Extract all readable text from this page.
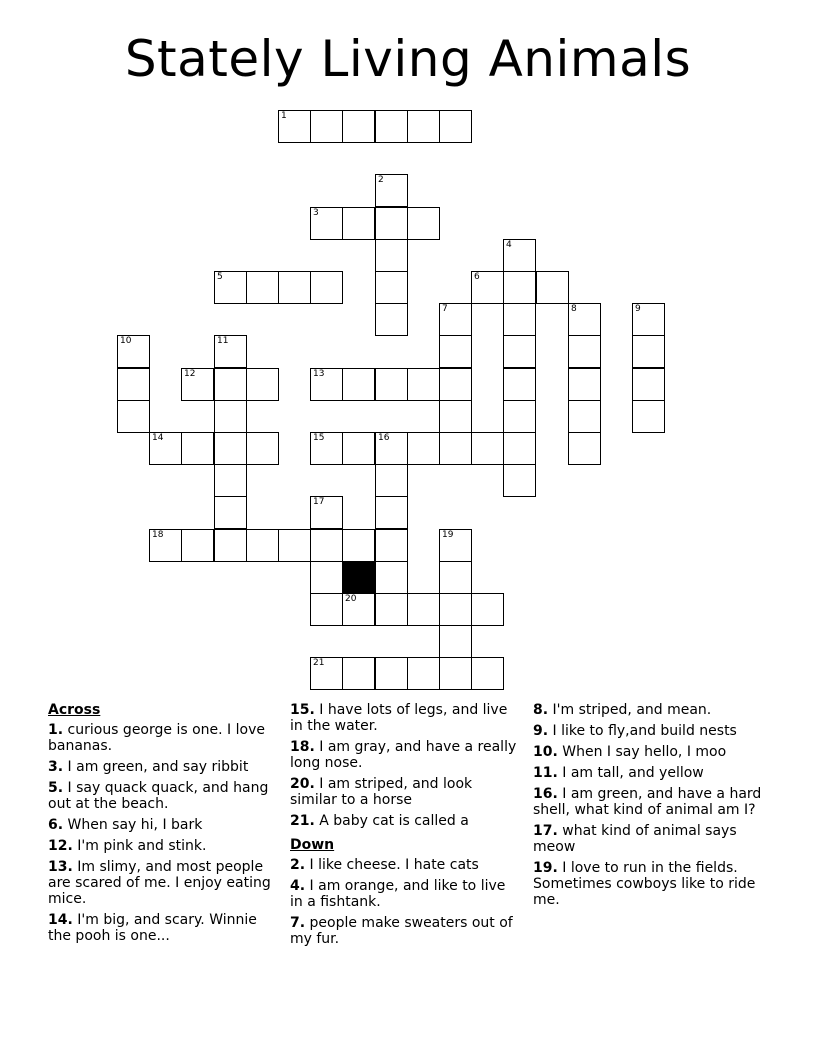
Stately Living Animals
1
2
3
4
5	6
7	8	9
10	11
12	13
14	15	16
17
18	19
20
21
Across
1. curious george is one. I love bananas.
3. I am green, and say ribbit
5. I say quack quack, and hang out at the beach.
6. When say hi, I bark
12. I'm pink and stink.
13. Im slimy, and most people are scared of me. I enjoy eating mice.
14. I'm big, and scary. Winnie the pooh is one...
15. I have lots of legs, and live in the water.
18. I am gray, and have a really long nose.
20. I am striped, and look similar to a horse
21. A baby cat is called a
Down
2. I like cheese. I hate cats
4. I am orange, and like to live in a fishtank.
7. people make sweaters out of my fur.
8. I'm striped, and mean.
9. I like to fly,and build nests
10. When I say hello, I moo
11. I am tall, and yellow
16. I am green, and have a hard shell, what kind of animal am I?
17. what kind of animal says meow
19. I love to run in the fields. Sometimes cowboys like to ride me.
